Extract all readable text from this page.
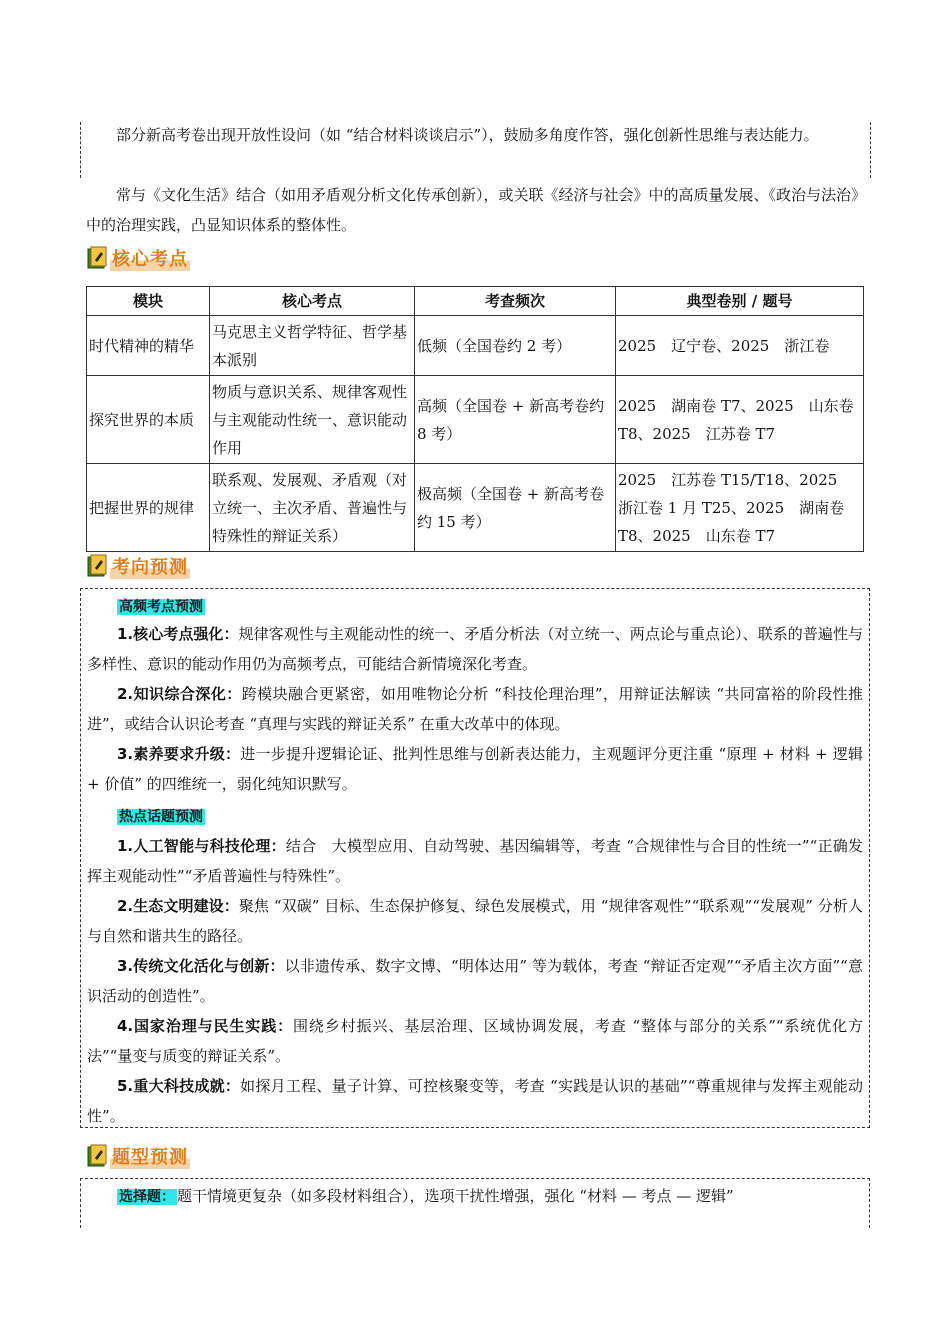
部分新高考卷出现开放性设问（如 “结合材料谈谈启示”），鼓励多角度作答，强化创新性思维与表达能力。

常与《文化生活》结合（如用矛盾观分析文化传承创新），或关联《经济与社会》中的高质量发展、《政治与法治》中的治理实践，凸显知识体系的整体性。

核心考点
模块	核心考点	考查频次	典型卷别 / 题号
时代精神的精华	马克思主义哲学特征、哲学基本派别	低频（全国卷约 2 考）	2025　辽宁卷、2025　浙江卷
探究世界的本质	物质与意识关系、规律客观性与主观能动性统一、意识能动作用	高频（全国卷 + 新高考卷约 8 考）	2025　湖南卷 T7、2025　山东卷 T8、2025　江苏卷 T7
把握世界的规律	联系观、发展观、矛盾观（对立统一、主次矛盾、普遍性与特殊性的辩证关系）	极高频（全国卷 + 新高考卷约 15 考）	2025　江苏卷 T15/T18、2025　浙江卷 1 月 T25、2025　湖南卷 T8、2025　山东卷 T7
考向预测
高频考点预测

1.核心考点强化：规律客观性与主观能动性的统一、矛盾分析法（对立统一、两点论与重点论）、联系的普遍性与多样性、意识的能动作用仍为高频考点，可能结合新情境深化考查。

2.知识综合深化：跨模块融合更紧密，如用唯物论分析 “科技伦理治理”，用辩证法解读 “共同富裕的阶段性推进”，或结合认识论考查 “真理与实践的辩证关系” 在重大改革中的体现。

3.素养要求升级：进一步提升逻辑论证、批判性思维与创新表达能力，主观题评分更注重 “原理 + 材料 + 逻辑 + 价值” 的四维统一，弱化纯知识默写。

热点话题预测

1.人工智能与科技伦理：结合　大模型应用、自动驾驶、基因编辑等，考查 “合规律性与合目的性统一”“正确发挥主观能动性”“矛盾普遍性与特殊性”。

2.生态文明建设：聚焦 “双碳” 目标、生态保护修复、绿色发展模式，用 “规律客观性”“联系观”“发展观” 分析人与自然和谐共生的路径。

3.传统文化活化与创新：以非遗传承、数字文博、“明体达用” 等为载体，考查 “辩证否定观”“矛盾主次方面”“意识活动的创造性”。

4.国家治理与民生实践：围绕乡村振兴、基层治理、区域协调发展，考查 “整体与部分的关系”“系统优化方法”“量变与质变的辩证关系”。

5.重大科技成就：如探月工程、量子计算、可控核聚变等，考查 “实践是认识的基础”“尊重规律与发挥主观能动性”。

题型预测

选择题： 题干情境更复杂（如多段材料组合），选项干扰性增强，强化 “材料 — 考点 — 逻辑”
